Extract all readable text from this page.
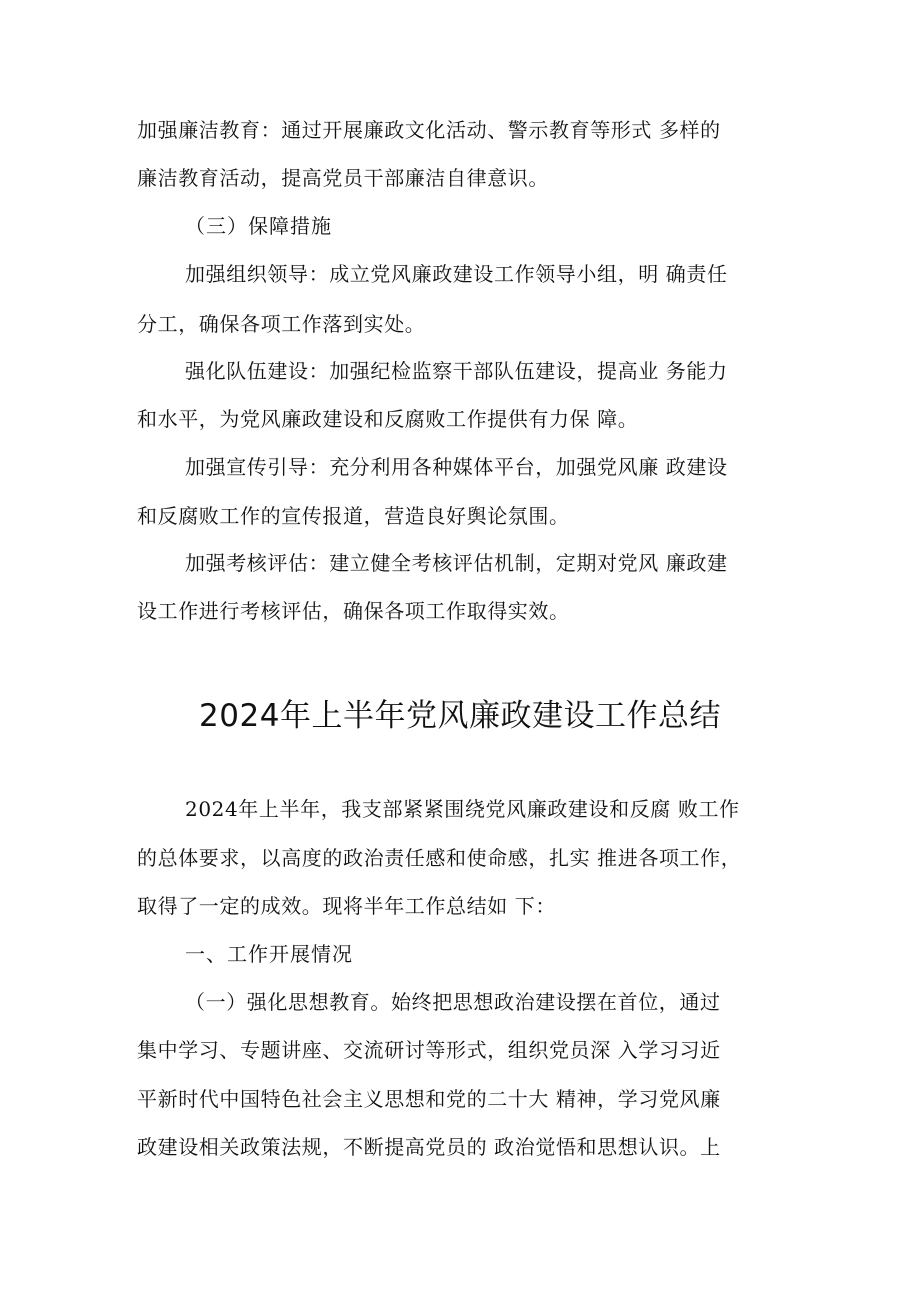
加强廉洁教育：通过开展廉政文化活动、警示教育等形式 多样的
廉洁教育活动，提高党员干部廉洁自律意识。
（三）保障措施
加强组织领导：成立党风廉政建设工作领导小组，明 确责任
分工，确保各项工作落到实处。
强化队伍建设：加强纪检监察干部队伍建设，提高业 务能力
和水平，为党风廉政建设和反腐败工作提供有力保 障。
加强宣传引导：充分利用各种媒体平台，加强党风廉 政建设
和反腐败工作的宣传报道，营造良好舆论氛围。
加强考核评估：建立健全考核评估机制，定期对党风 廉政建
设工作进行考核评估，确保各项工作取得实效。
2024年上半年党风廉政建设工作总结
2024年上半年，我支部紧紧围绕党风廉政建设和反腐 败工作
的总体要求，以高度的政治责任感和使命感，扎实 推进各项工作，
取得了一定的成效。现将半年工作总结如 下：
一、工作开展情况
（一）强化思想教育。始终把思想政治建设摆在首位，通过
集中学习、专题讲座、交流研讨等形式，组织党员深 入学习习近
平新时代中国特色社会主义思想和党的二十大 精神，学习党风廉
政建设相关政策法规，不断提高党员的 政治觉悟和思想认识。上
